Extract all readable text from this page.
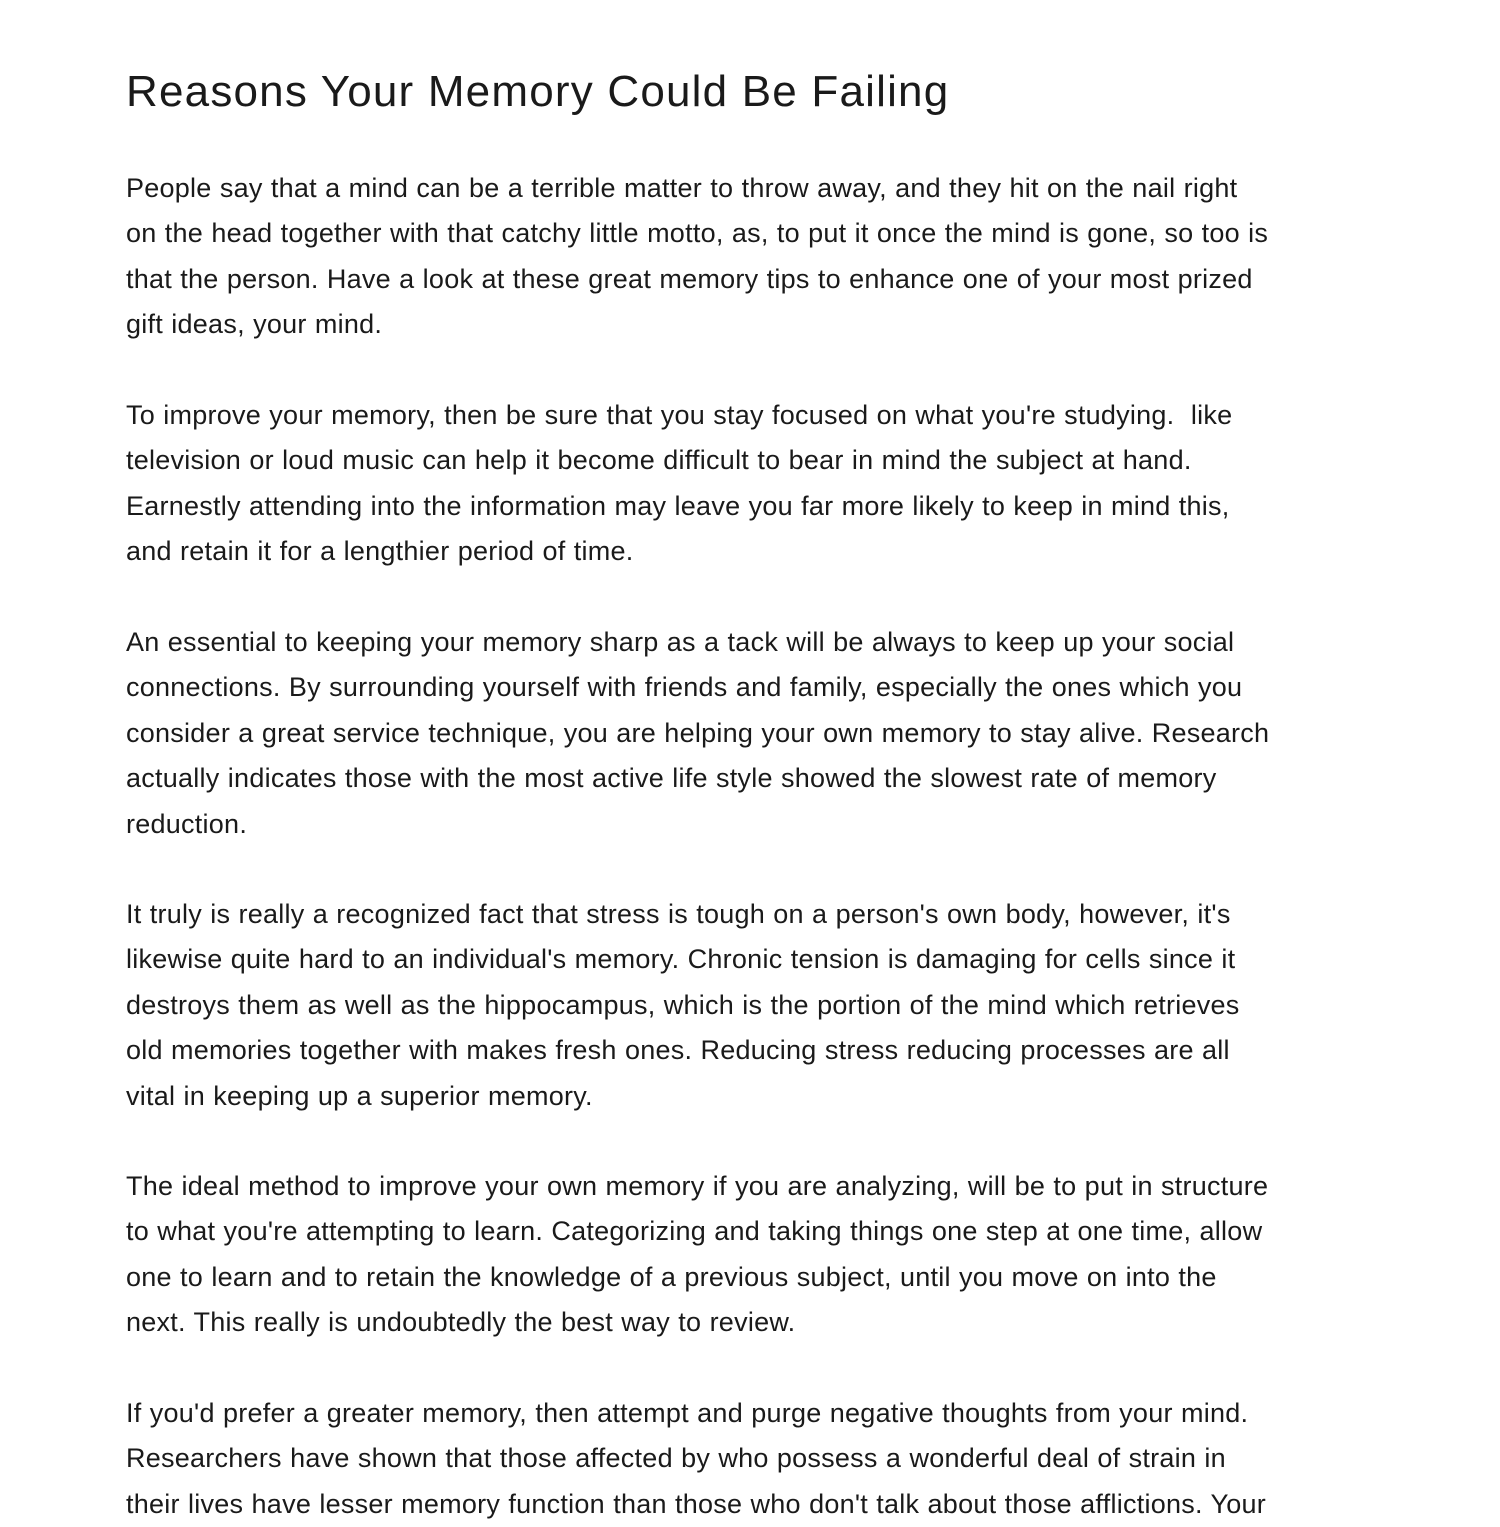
Reasons Your Memory Could Be Failing

People say that a mind can be a terrible matter to throw away, and they hit on the nail right
on the head together with that catchy little motto, as, to put it once the mind is gone, so too is
that the person. Have a look at these great memory tips to enhance one of your most prized
gift ideas, your mind.

To improve your memory, then be sure that you stay focused on what you're studying.  like
television or loud music can help it become difficult to bear in mind the subject at hand.
Earnestly attending into the information may leave you far more likely to keep in mind this,
and retain it for a lengthier period of time.

An essential to keeping your memory sharp as a tack will be always to keep up your social
connections. By surrounding yourself with friends and family, especially the ones which you
consider a great service technique, you are helping your own memory to stay alive. Research
actually indicates those with the most active life style showed the slowest rate of memory
reduction.

It truly is really a recognized fact that stress is tough on a person's own body, however, it's
likewise quite hard to an individual's memory. Chronic tension is damaging for cells since it
destroys them as well as the hippocampus, which is the portion of the mind which retrieves
old memories together with makes fresh ones. Reducing stress reducing processes are all
vital in keeping up a superior memory.

The ideal method to improve your own memory if you are analyzing, will be to put in structure
to what you're attempting to learn. Categorizing and taking things one step at one time, allow
one to learn and to retain the knowledge of a previous subject, until you move on into the
next. This really is undoubtedly the best way to review.

If you'd prefer a greater memory, then attempt and purge negative thoughts from your mind.
Researchers have shown that those affected by who possess a wonderful deal of strain in
their lives have lesser memory function than those who don't talk about those afflictions. Your
